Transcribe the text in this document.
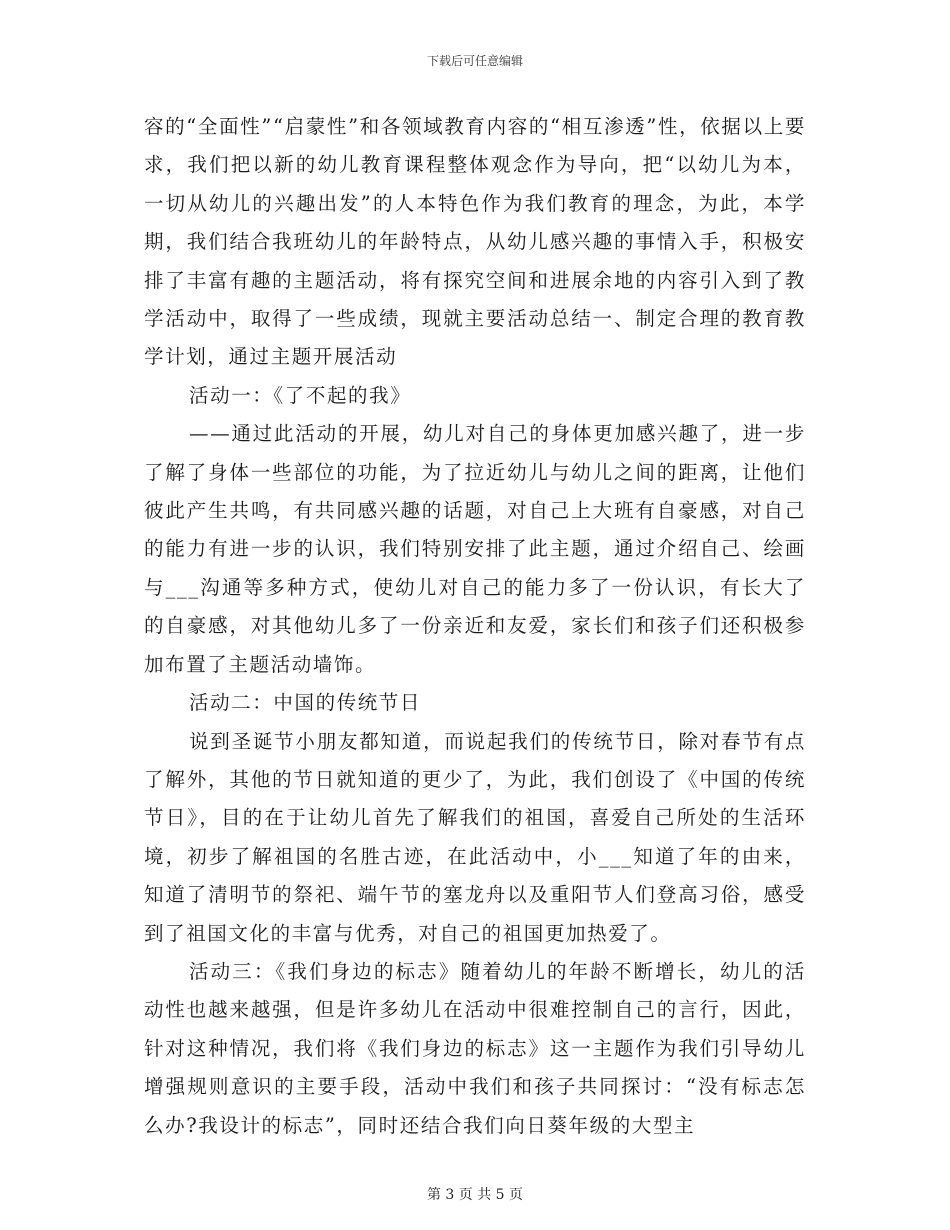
下载后可任意编辑

容的“全面性”“启蒙性”和各领域教育内容的“相互渗透”性，依据以上要求，我们把以新的幼儿教育课程整体观念作为导向，把“以幼儿为本，一切从幼儿的兴趣出发”的人本特色作为我们教育的理念，为此，本学期，我们结合我班幼儿的年龄特点，从幼儿感兴趣的事情入手，积极安排了丰富有趣的主题活动，将有探究空间和进展余地的内容引入到了教学活动中，取得了一些成绩，现就主要活动总结一、制定合理的教育教学计划，通过主题开展活动

活动一：《了不起的我》

——通过此活动的开展，幼儿对自己的身体更加感兴趣了，进一步了解了身体一些部位的功能，为了拉近幼儿与幼儿之间的距离，让他们彼此产生共鸣，有共同感兴趣的话题，对自己上大班有自豪感，对自己的能力有进一步的认识，我们特别安排了此主题，通过介绍自己、绘画与___沟通等多种方式，使幼儿对自己的能力多了一份认识，有长大了的自豪感，对其他幼儿多了一份亲近和友爱，家长们和孩子们还积极参加布置了主题活动墙饰。

活动二：中国的传统节日

说到圣诞节小朋友都知道，而说起我们的传统节日，除对春节有点了解外，其他的节日就知道的更少了，为此，我们创设了《中国的传统节日》，目的在于让幼儿首先了解我们的祖国，喜爱自己所处的生活环境，初步了解祖国的名胜古迹，在此活动中，小___知道了年的由来，知道了清明节的祭祀、端午节的塞龙舟以及重阳节人们登高习俗，感受到了祖国文化的丰富与优秀，对自己的祖国更加热爱了。

活动三：《我们身边的标志》随着幼儿的年龄不断增长，幼儿的活动性也越来越强，但是许多幼儿在活动中很难控制自己的言行，因此，针对这种情况，我们将《我们身边的标志》这一主题作为我们引导幼儿增强规则意识的主要手段，活动中我们和孩子共同探讨：“没有标志怎么办?我设计的标志”，同时还结合我们向日葵年级的大型主

第 3 页 共 5 页
